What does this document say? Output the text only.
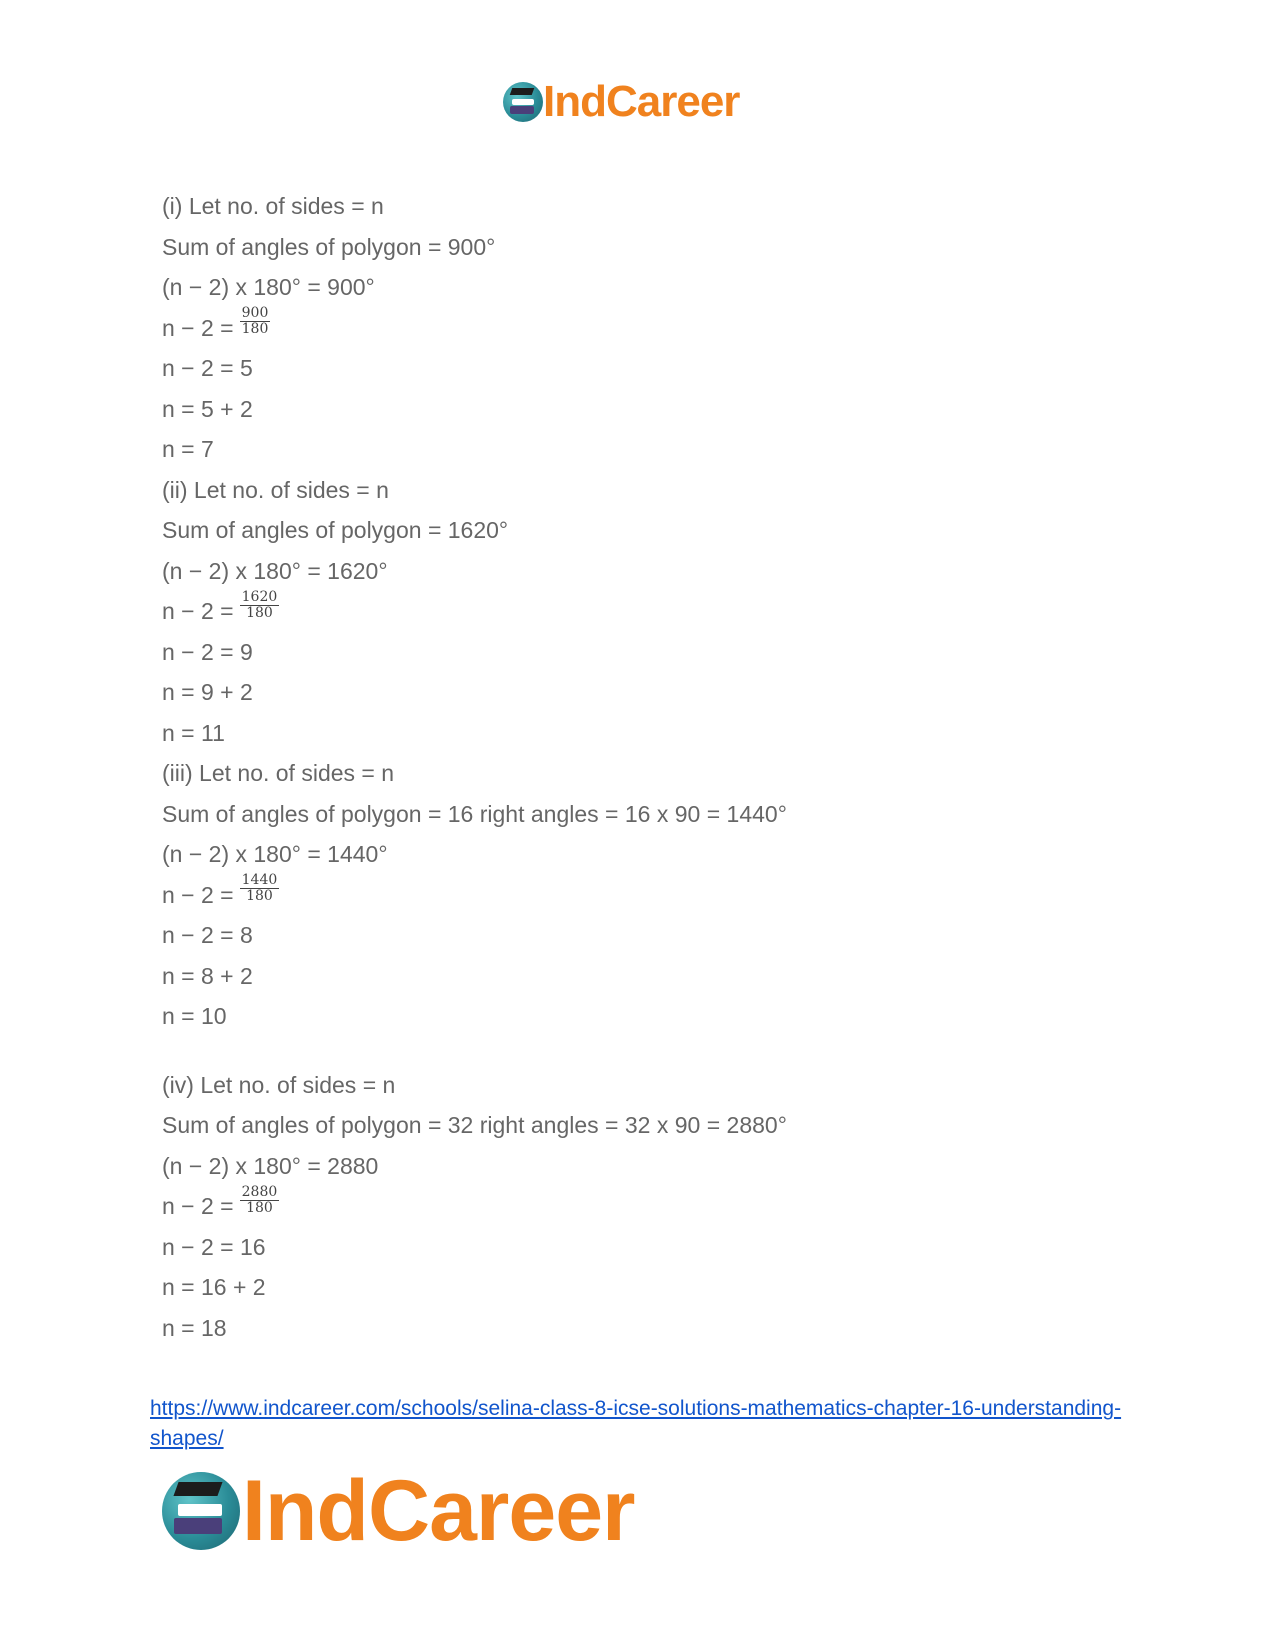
IndCareer
(i) Let no. of sides = n
Sum of angles of polygon = 900°
(n − 2) x 180° = 900°
$n - 2 = \frac{900}{180}$
n − 2 = 5
n = 5 + 2
n = 7
(ii) Let no. of sides = n
Sum of angles of polygon = 1620°
(n − 2) x 180° = 1620°
$n - 2 = \frac{1620}{180}$
n − 2 = 9
n = 9 + 2
n = 11
(iii) Let no. of sides = n
Sum of angles of polygon = 16 right angles = 16 x 90 = 1440°
(n − 2) x 180° = 1440°
$n - 2 = \frac{1440}{180}$
n − 2 = 8
n = 8 + 2
n = 10
(iv) Let no. of sides = n
Sum of angles of polygon = 32 right angles = 32 x 90 = 2880°
(n − 2) x 180° = 2880
$n - 2 = \frac{2880}{180}$
n − 2 = 16
n = 16 + 2
n = 18
https://www.indcareer.com/schools/selina-class-8-icse-solutions-mathematics-chapter-16-understanding-shapes/
IndCareer
